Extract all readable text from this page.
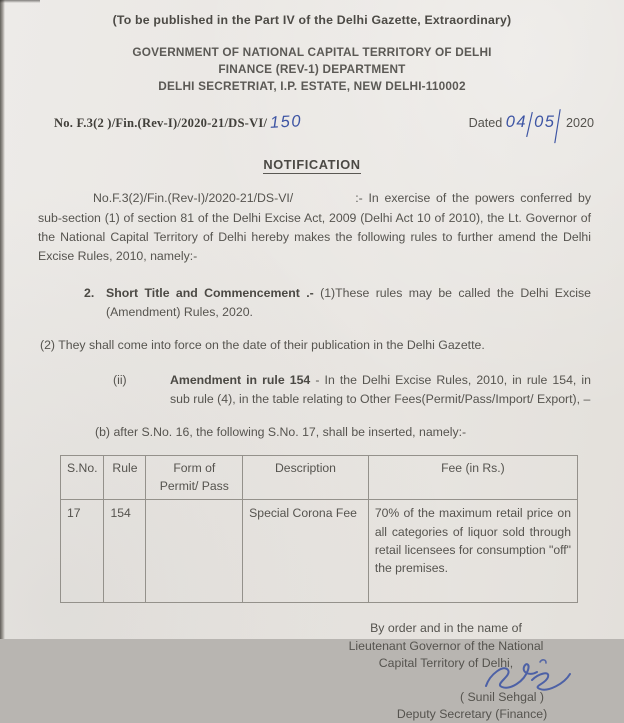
(To be published in the Part IV of the Delhi Gazette, Extraordinary)
GOVERNMENT OF NATIONAL CAPITAL TERRITORY OF DELHI
FINANCE (REV-1) DEPARTMENT
DELHI SECRETRIAT, I.P. ESTATE, NEW DELHI-110002
No. F.3(2 )/Fin.(Rev-I)/2020-21/DS-VI/ 150	Dated 04/05/ 2020
NOTIFICATION

No.F.3(2)/Fin.(Rev-I)/2020-21/DS-VI/	:- In exercise of the powers conferred by sub-section (1) of section 81 of the Delhi Excise Act, 2009 (Delhi Act 10 of 2010), the Lt. Governor of the National Capital Territory of Delhi hereby makes the following rules to further amend the Delhi Excise Rules, 2010, namely:-

2. Short Title and Commencement .- (1)These rules may be called the Delhi Excise (Amendment) Rules, 2020.

(2) They shall come into force on the date of their publication in the Delhi Gazette.

(ii)	Amendment in rule 154 - In the Delhi Excise Rules, 2010, in rule 154, in sub rule (4), in the table relating to Other Fees(Permit/Pass/Import/ Export), –

(b) after S.No. 16, the following S.No. 17, shall be inserted, namely:-

S.No.	Rule	Form of Permit/ Pass	Description	Fee (in Rs.)
17	154		Special Corona Fee	70% of the maximum retail price on all categories of liquor sold through retail licensees for consumption "off" the premises.
By order and in the name of
Lieutenant Governor of the National
Capital Territory of Delhi,
( Sunil Sehgal )
Deputy Secretary (Finance)
